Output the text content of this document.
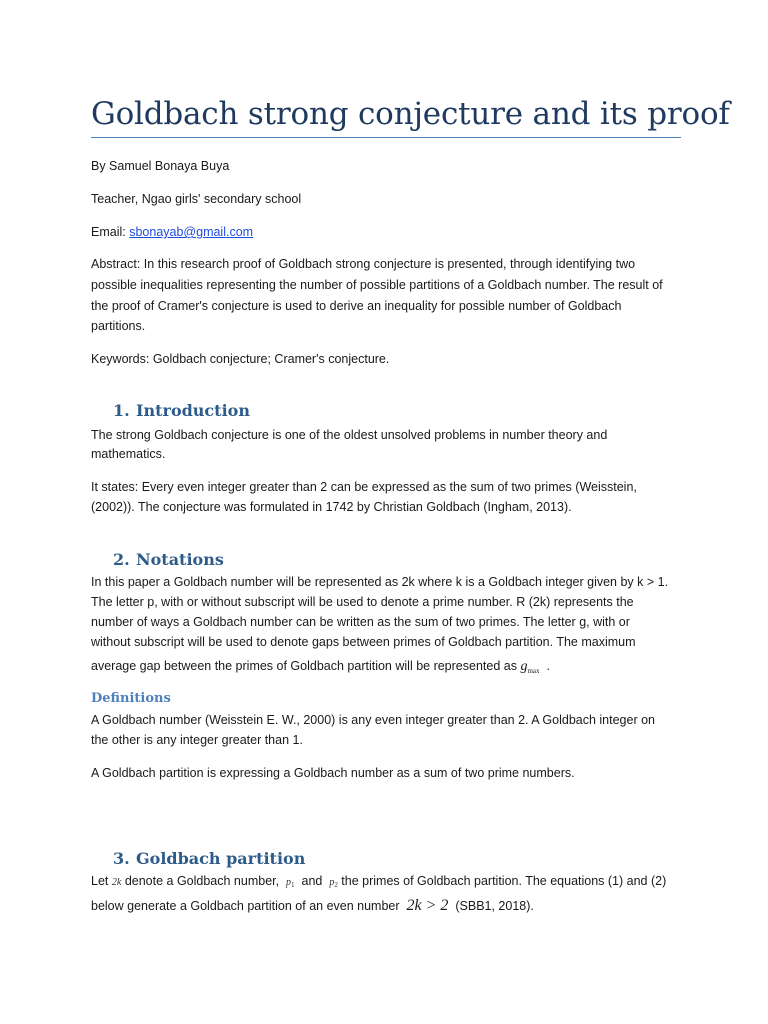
Goldbach strong conjecture and its proof

By Samuel Bonaya Buya

Teacher, Ngao girls' secondary school

Email: sbonayab@gmail.com

Abstract: In this research proof of Goldbach strong conjecture is presented, through identifying two

possible inequalities representing the number of possible partitions of a Goldbach number. The result of

the proof of Cramer's conjecture is used to derive an inequality for possible number of Goldbach

partitions.

Keywords: Goldbach conjecture; Cramer's conjecture.

1. Introduction

The strong Goldbach conjecture is one of the oldest unsolved problems in number theory and

mathematics.

It states: Every even integer greater than 2 can be expressed as the sum of two primes (Weisstein,

(2002)). The conjecture was formulated in 1742 by Christian Goldbach (Ingham, 2013).

2. Notations

In this paper a Goldbach number will be represented as 2k where k is a Goldbach integer given by k > 1.

The letter p, with or without subscript will be used to denote a prime number. R (2k) represents the

number of ways a Goldbach number can be written as the sum of two primes. The letter g, with or

without subscript will be used to denote gaps between primes of Goldbach partition. The maximum

average gap between the primes of Goldbach partition will be represented as $g_{max}$ .

Definitions

A Goldbach number (Weisstein E. W., 2000) is any even integer greater than 2. A Goldbach integer on

the other is any integer greater than 1.

A Goldbach partition is expressing a Goldbach number as a sum of two prime numbers.

3. Goldbach partition

Let 2k denote a Goldbach number, $p_1$ and $p_2$ the primes of Goldbach partition. The equations (1) and (2)

below generate a Goldbach partition of an even number 2k > 2 (SBB1, 2018).
